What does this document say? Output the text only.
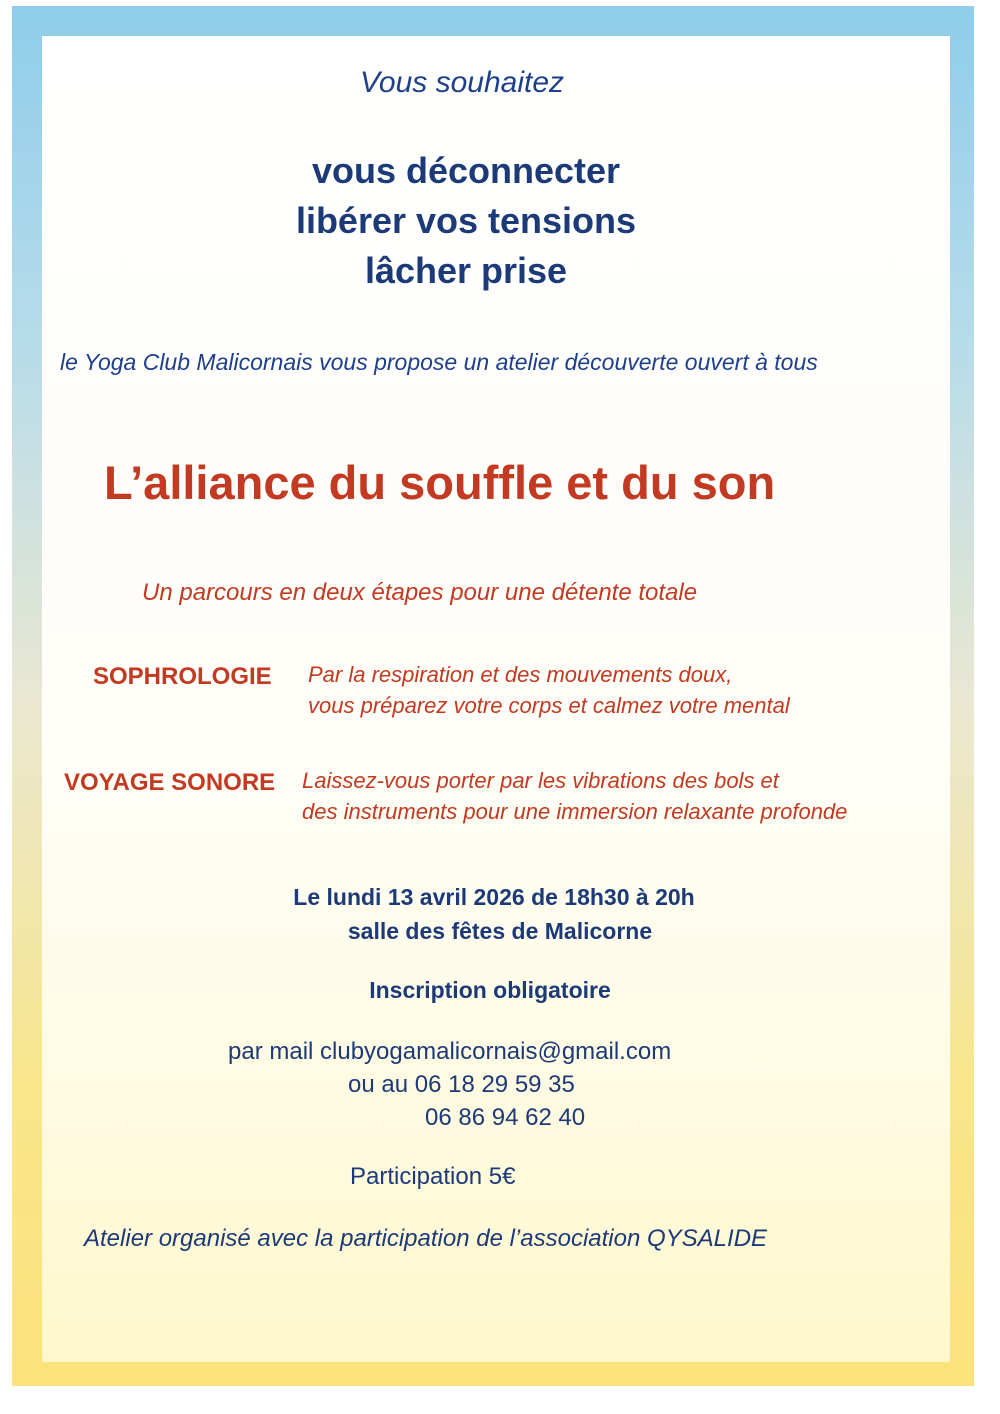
Vous souhaitez

vous déconnecter

libérer vos tensions

lâcher prise

le Yoga Club Malicornais vous propose un atelier découverte ouvert à tous

L’alliance du souffle et du son

Un parcours en deux étapes pour une détente totale

SOPHROLOGIE Par la respiration et des mouvements doux,

vous préparez votre corps et calmez votre mental

VOYAGE SONORE Laissez-vous porter par les vibrations des bols et

des instruments pour une immersion relaxante profonde

Le lundi 13 avril 2026 de 18h30 à 20h

salle des fêtes de Malicorne

Inscription obligatoire

par mail clubyogamalicornais@gmail.com

ou au 06 18 29 59 35

06 86 94 62 40

Participation 5€

Atelier organisé avec la participation de l’association QYSALIDE
